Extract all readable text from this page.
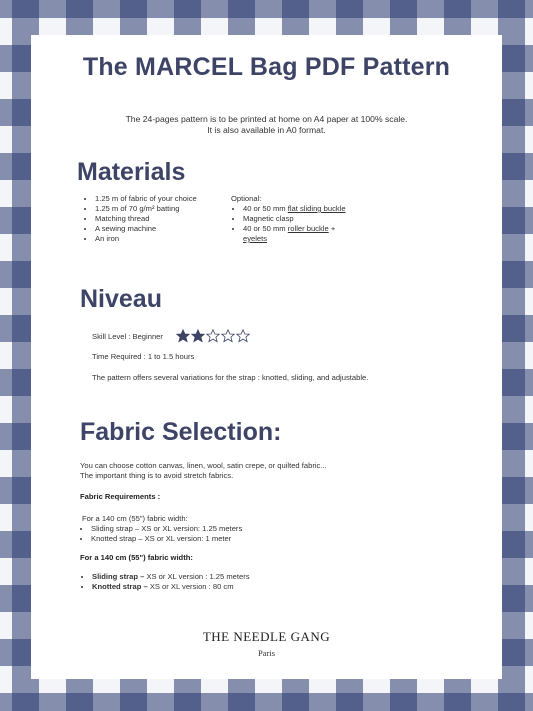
The MARCEL Bag PDF Pattern
The 24-pages pattern is to be printed at home on A4 paper at 100% scale.
It is also available in A0 format.
Materials
• 1.25 m of fabric of your choice
• 1.25 m of 70 g/m² batting
• Matching thread
• A sewing machine
• An iron
Optional:
• 40 or 50 mm flat sliding buckle
• Magnetic clasp
• 40 or 50 mm roller buckle +
eyelets
Niveau
Skill Level : Beginner
Time Required : 1 to 1.5 hours
The pattern offers several variations for the strap : knotted, sliding, and adjustable.
Fabric Selection:
You can choose cotton canvas, linen, wool, satin crepe, or quilted fabric...
The important thing is to avoid stretch fabrics.
Fabric Requirements :
For a 140 cm (55") fabric width:
• Sliding strap – XS or XL version: 1.25 meters
• Knotted strap – XS or XL version: 1 meter
For a 140 cm (55") fabric width:
• Sliding strap – XS or XL version : 1.25 meters
• Knotted strap – XS or XL version : 80 cm
THE NEEDLE GANG
Paris
